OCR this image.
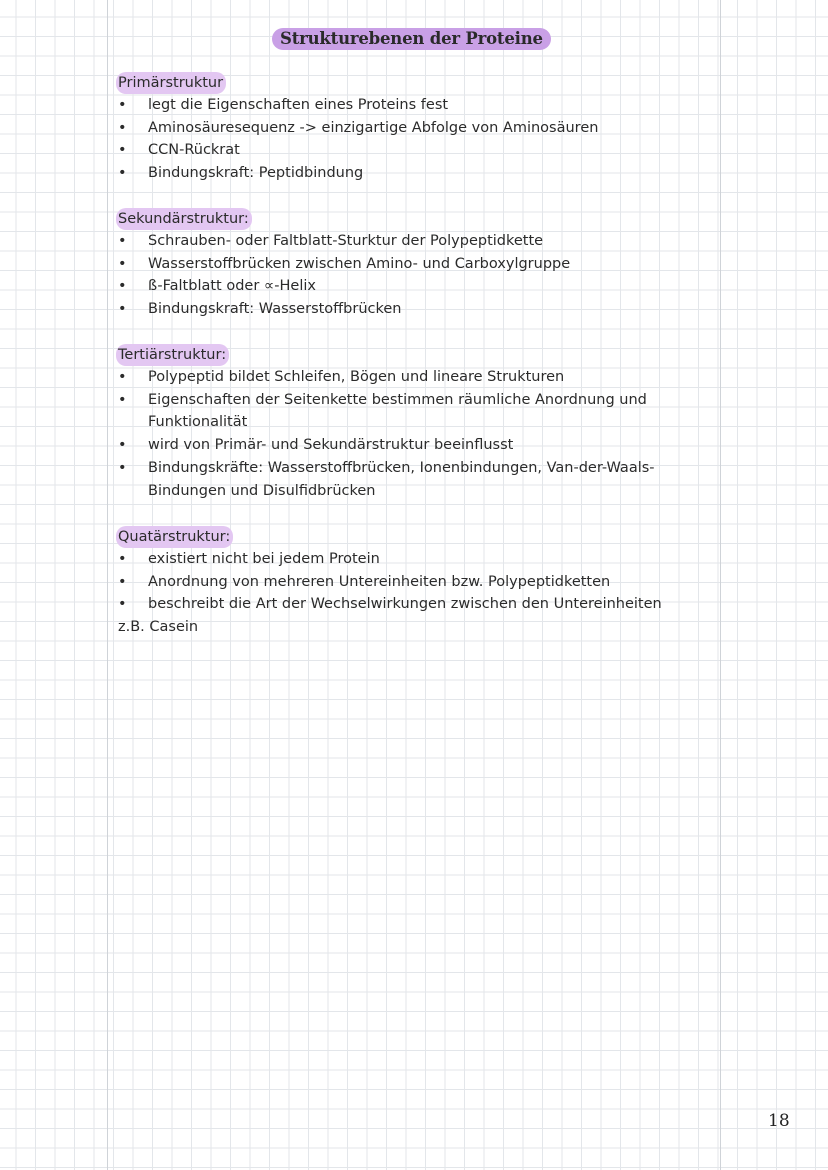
Strukturebenen der Proteine
Primärstruktur
• legt die Eigenschaften eines Proteins fest
• Aminosäuresequenz -> einzigartige Abfolge von Aminosäuren
• CCN-Rückrat
• Bindungskraft: Peptidbindung
Sekundärstruktur:
• Schrauben- oder Faltblatt-Sturktur der Polypeptidkette
• Wasserstoffbrücken zwischen Amino- und Carboxylgruppe
• ß-Faltblatt oder ∝-Helix
• Bindungskraft: Wasserstoffbrücken
Tertiärstruktur:
• Polypeptid bildet Schleifen, Bögen und lineare Strukturen
• Eigenschaften der Seitenkette bestimmen räumliche Anordnung und Funktionalität
• wird von Primär- und Sekundärstruktur beeinflusst
• Bindungskräfte: Wasserstoffbrücken, Ionenbindungen, Van-der-Waals-Bindungen und Disulfidbrücken
Quatärstruktur:
• existiert nicht bei jedem Protein
• Anordnung von mehreren Untereinheiten bzw. Polypeptidketten
• beschreibt die Art der Wechselwirkungen zwischen den Untereinheiten
z.B. Casein
18
